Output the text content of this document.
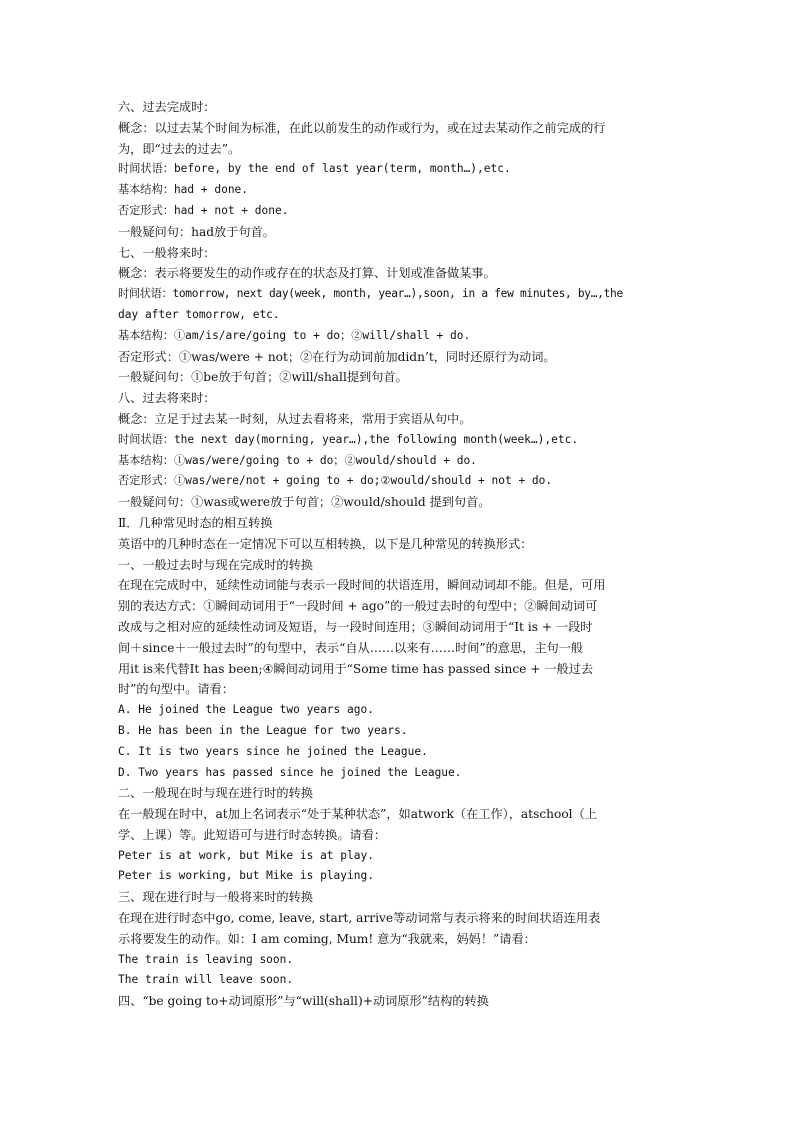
六、过去完成时：
概念：以过去某个时间为标准，在此以前发生的动作或行为，或在过去某动作之前完成的行
为，即“过去的过去”。
时间状语：before, by the end of last year(term, month…),etc.
基本结构：had + done.
否定形式：had + not + done.
一般疑问句：had放于句首。
七、一般将来时：
概念：表示将要发生的动作或存在的状态及打算、计划或准备做某事。
时间状语：tomorrow, next day(week, month, year…),soon, in a few minutes, by…,the
day after tomorrow, etc.
基本结构：①am/is/are/going to + do；②will/shall + do.
否定形式：①was/were + not；②在行为动词前加didn’t，同时还原行为动词。
一般疑问句：①be放于句首；②will/shall提到句首。
八、过去将来时：
概念：立足于过去某一时刻，从过去看将来，常用于宾语从句中。
时间状语：the next day(morning, year…),the following month(week…),etc.
基本结构：①was/were/going to + do；②would/should + do.
否定形式：①was/were/not + going to + do;②would/should + not + do.
一般疑问句：①was或were放于句首；②would/should 提到句首。
Ⅱ．几种常见时态的相互转换
英语中的几种时态在一定情况下可以互相转换，以下是几种常见的转换形式：
一、一般过去时与现在完成时的转换
在现在完成时中，延续性动词能与表示一段时间的状语连用，瞬间动词却不能。但是，可用
别的表达方式：①瞬间动词用于“一段时间 + ago”的一般过去时的句型中；②瞬间动词可
改成与之相对应的延续性动词及短语，与一段时间连用；③瞬间动词用于“It is + 一段时
间＋since＋一般过去时”的句型中，表示“自从……以来有……时间”的意思，主句一般
用it is来代替It has been;④瞬间动词用于“Some time has passed since + 一般过去
时”的句型中。请看：
A. He joined the League two years ago.
B. He has been in the League for two years.
C. It is two years since he joined the League.
D. Two years has passed since he joined the League.
二、一般现在时与现在进行时的转换
在一般现在时中，at加上名词表示“处于某种状态”，如atwork（在工作），atschool（上
学、上课）等。此短语可与进行时态转换。请看：
Peter is at work, but Mike is at play.
Peter is working, but Mike is playing.
三、现在进行时与一般将来时的转换
在现在进行时态中go, come, leave, start, arrive等动词常与表示将来的时间状语连用表
示将要发生的动作。如：I am coming, Mum! 意为“我就来，妈妈！”请看：
The train is leaving soon.
The train will leave soon.
四、“be going to+动词原形”与“will(shall)+动词原形”结构的转换
